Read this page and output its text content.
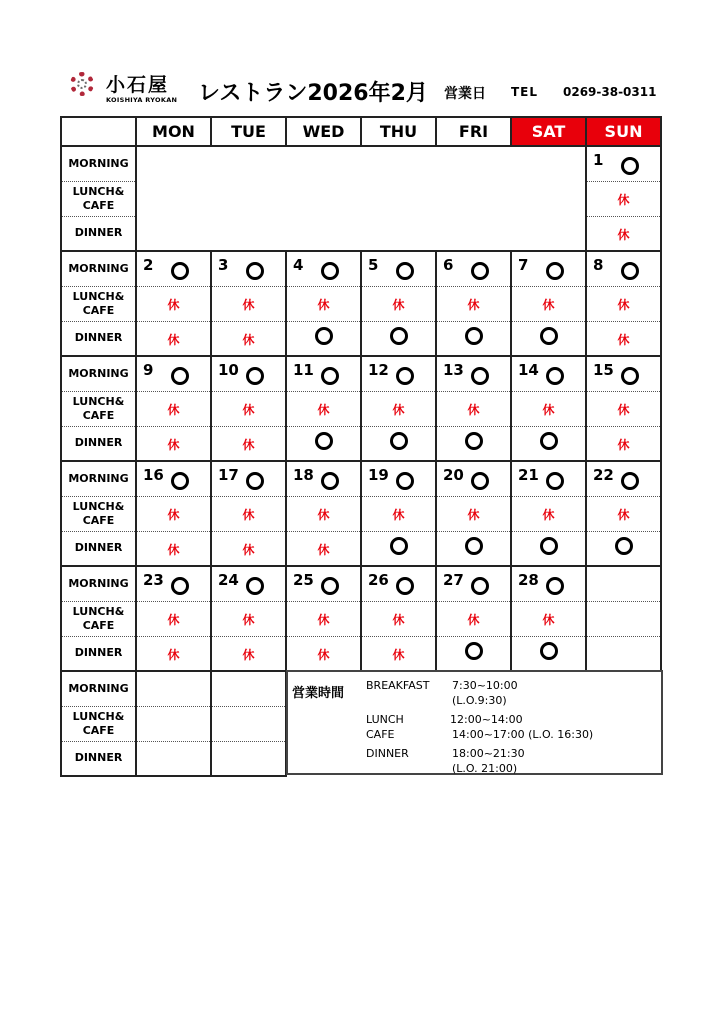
小石屋
KOISHIYA RYOKAN レストラン2026年2月 営業日 TEL 0269-38-0311
	MON	TUE	WED	THU	FRI	SAT	SUN
MORNING							1

LUNCH&
CAFE							休
DINNER							休
MORNING	2	3	4	5	6	7	8

LUNCH&
CAFE	休	休	休	休	休	休	休
DINNER	休	休					休
MORNING	9	10	11	12	13	14	15

LUNCH&
CAFE	休	休	休	休	休	休	休
DINNER	休	休					休
MORNING	16	17	18	19	20	21	22

LUNCH&
CAFE	休	休	休	休	休	休	休
DINNER	休	休	休				
MORNING	23	24	25	26	27	28	

LUNCH&
CAFE	休	休	休	休	休	休	
DINNER	休	休	休	休			
MORNING							
LUNCH&
CAFE							
DINNER							
営業時間
BREAKFAST 7:30~10:00
(L.O.9:30)
LUNCH	12:00~14:00
CAFE	14:00~17:00 (L.O. 16:30)
DINNER	18:00~21:30
(L.O. 21:00)
